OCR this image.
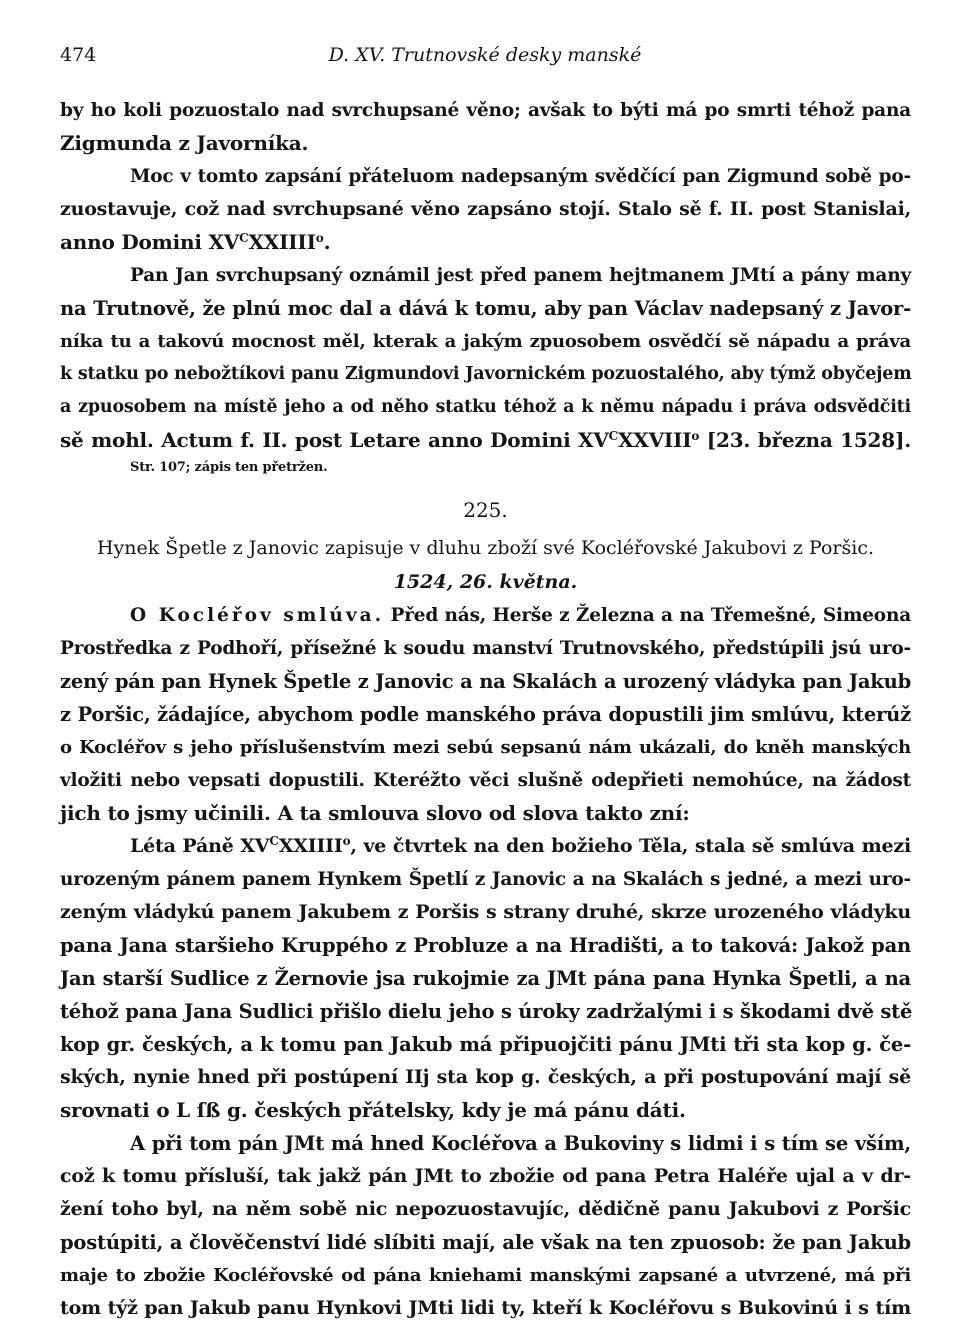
474	D. XV. Trutnovské desky manské
by ho koli pozuostalo nad svrchupsané věno; avšak to býti má po smrti téhož pana
Zigmunda z Javorníka.
Moc v tomto zapsání přáteluom nadepsaným svědčící pan Zigmund sobě po-
zuostavuje, což nad svrchupsané věno zapsáno stojí. Stalo sě f. II. post Stanislai,
anno Domini $XV^CXXIIII^o$.
Pan Jan svrchupsaný oznámil jest před panem hejtmanem JMtí a pány many
na Trutnově, že plnú moc dal a dává k tomu, aby pan Václav nadepsaný z Javor-
níka tu a takovú mocnost měl, kterak a jakým zpuosobem osvědčí sě nápadu a práva
k statku po nebožtíkovi panu Zigmundovi Javornickém pozuostalého, aby týmž obyčejem
a zpuosobem na místě jeho a od něho statku téhož a k němu nápadu i práva odsvědčiti
sě mohl. Actum f. II. post Letare anno Domini $XV^CXXVIII^o$ [23. března 1528].
Str. 107; zápis ten přetržen.
225.
Hynek Špetle z Janovic zapisuje v dluhu zboží své Kocléřovské Jakubovi z Poršic.
1524, 26. května.
O Kocléřov smlúva. Před nás, Herše z Železna a na Třemešné, Simeona
Prostředka z Podhoří, přísežné k soudu manství Trutnovského, předstúpili jsú uro-
zený pán pan Hynek Špetle z Janovic a na Skalách a urozený vládyka pan Jakub
z Poršic, žádajíce, abychom podle manského práva dopustili jim smlúvu, kterúž
o Kocléřov s jeho příslušenstvím mezi sebú sepsanú nám ukázali, do kněh manských
vložiti nebo vepsati dopustili. Kteréžto věci slušně odepřieti nemohúce, na žádost
jich to jsmy učinili. A ta smlouva slovo od slova takto zní:
Léta Páně $XV^CXXIIII^o$, ve čtvrtek na den božieho Těla, stala sě smlúva mezi
urozeným pánem panem Hynkem Špetlí z Janovic a na Skalách s jedné, a mezi uro-
zeným vládykú panem Jakubem z Poršis s strany druhé, skrze urozeného vládyku
pana Jana staršieho Kruppého z Probluze a na Hradišti, a to taková: Jakož pan
Jan starší Sudlice z Žernovie jsa rukojmie za JMt pána pana Hynka Špetli, a na
téhož pana Jana Sudlici přišlo dielu jeho s úroky zadržalými i s škodami dvě stě
kop gr. českých, a k tomu pan Jakub má připuojčiti pánu JMti tři sta kop g. če-
ských, nynie hned při postúpení IIj sta kop g. českých, a při postupování mají sě
srovnati o L ſß g. českých přátelsky, kdy je má pánu dáti.
A při tom pán JMt má hned Kocléřova a Bukoviny s lidmi i s tím se vším,
což k tomu přísluší, tak jakž pán JMt to zbožie od pana Petra Haléře ujal a v dr-
žení toho byl, na něm sobě nic nepozuostavujíc, dědičně panu Jakubovi z Poršic
postúpiti, a člověčenství lidé slíbiti mají, ale však na ten zpuosob: že pan Jakub
maje to zbožie Kocléřovské od pána kniehami manskými zapsané a utvrzené, má při
tom týž pan Jakub panu Hynkovi JMti lidi ty, kteří k Kocléřovu s Bukovinú i s tím
